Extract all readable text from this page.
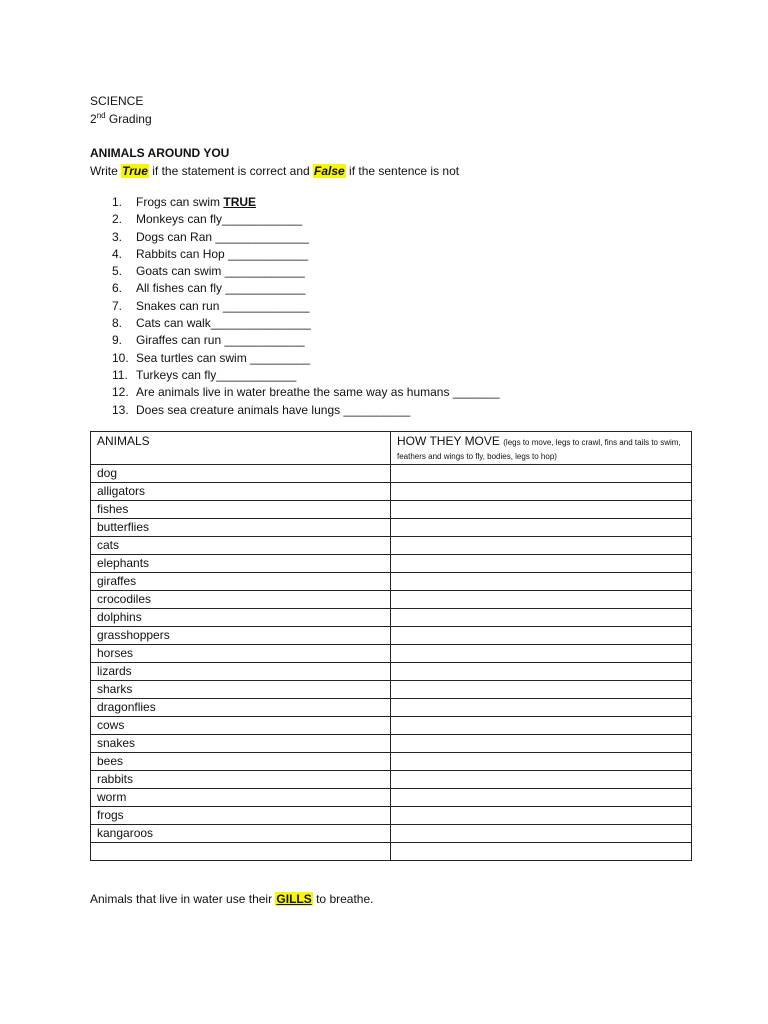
SCIENCE
2nd Grading
ANIMALS AROUND YOU
Write True if the statement is correct and False if the sentence is not
1. Frogs can swim TRUE
2. Monkeys can fly____________
3. Dogs can Ran ______________
4. Rabbits can Hop ____________
5. Goats can swim ____________
6. All fishes can fly ____________
7. Snakes can run _____________
8. Cats can walk_______________
9. Giraffes can run ____________
10. Sea turtles can swim _________
11. Turkeys can fly____________
12. Are animals live in water breathe the same way as humans _______
13. Does sea creature animals have lungs __________
ANIMALS	HOW THEY MOVE (legs to move, legs to crawl, fins and tails to swim, feathers and wings to fly, bodies, legs to hop)
dog	
alligators	
fishes	
butterflies	
cats	
elephants	
giraffes	
crocodiles	
dolphins	
grasshoppers	
horses	
lizards	
sharks	
dragonflies	
cows	
snakes	
bees	
rabbits	
worm	
frogs	
kangaroos	

Animals that live in water use their GILLS to breathe.
